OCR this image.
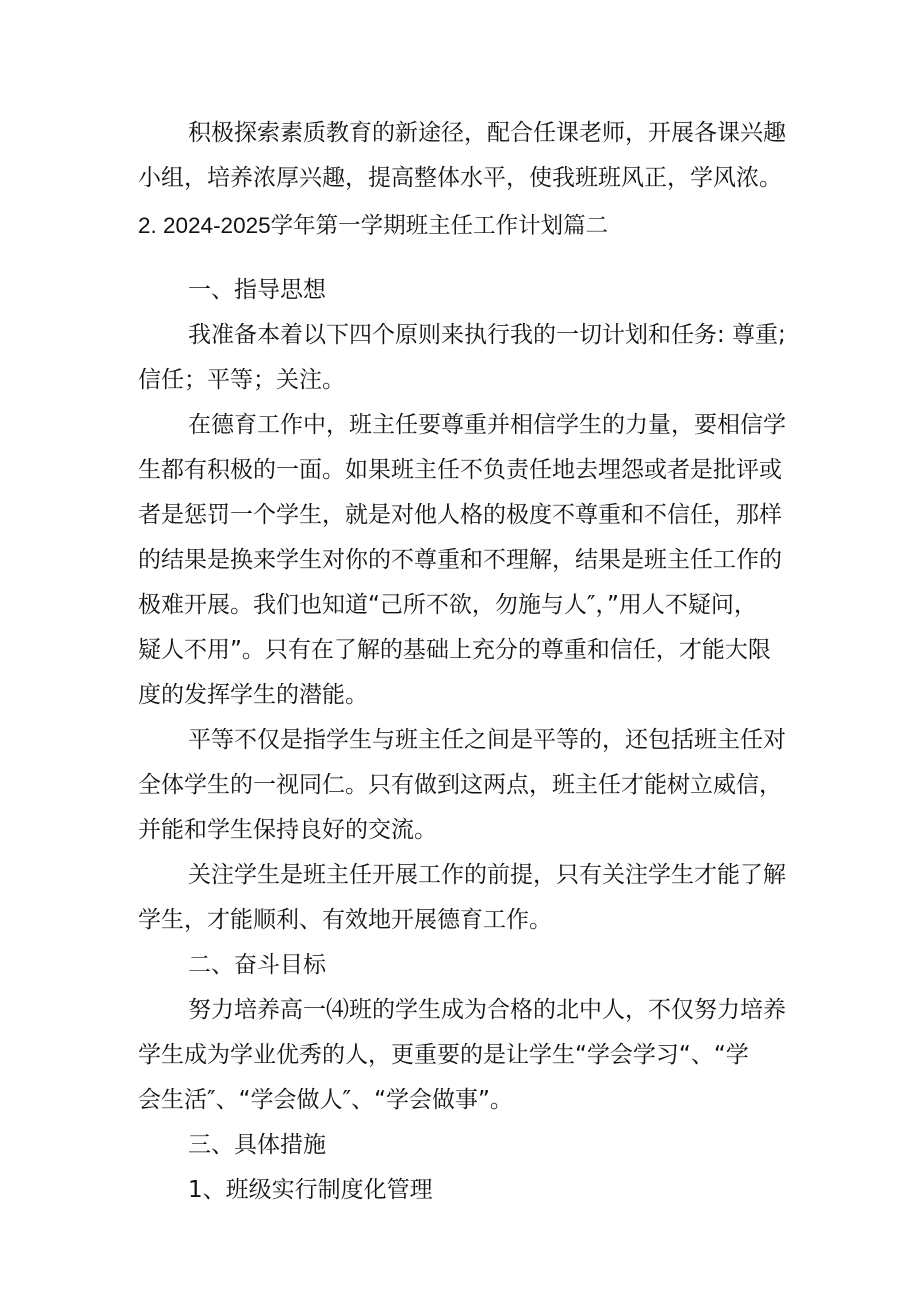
积极探索素质教育的新途径，配合任课老师，开展各课兴趣
小组，培养浓厚兴趣，提高整体水平，使我班班风正，学风浓。
2. 2024-2025学年第一学期班主任工作计划篇二
一、指导思想
我准备本着以下四个原则来执行我的一切计划和任务: 尊重;
信任；平等；关注。
在德育工作中，班主任要尊重并相信学生的力量，要相信学
生都有积极的一面。如果班主任不负责任地去埋怨或者是批评或
者是惩罚一个学生，就是对他人格的极度不尊重和不信任，那样
的结果是换来学生对你的不尊重和不理解，结果是班主任工作的
极难开展。我们也知道“己所不欲，勿施与人″，”用人不疑问，
疑人不用”。只有在了解的基础上充分的尊重和信任，才能大限
度的发挥学生的潜能。
平等不仅是指学生与班主任之间是平等的，还包括班主任对
全体学生的一视同仁。只有做到这两点，班主任才能树立威信，
并能和学生保持良好的交流。
关注学生是班主任开展工作的前提，只有关注学生才能了解
学生，才能顺利、有效地开展德育工作。
二、奋斗目标
努力培养高一⑷班的学生成为合格的北中人，不仅努力培养
学生成为学业优秀的人，更重要的是让学生“学会学习“、“学
会生活″、“学会做人″、“学会做事”。
三、具体措施
1、班级实行制度化管理
